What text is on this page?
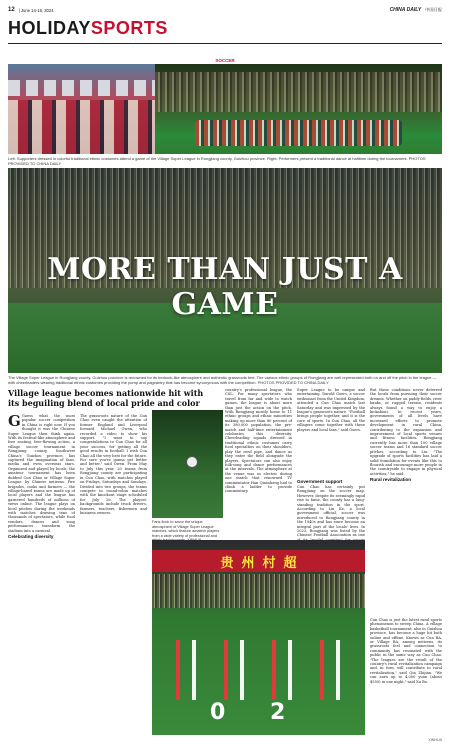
12 | June 14-16, 2024	CHINA DAILY 中国日报
HOLIDAY SPORTS
SOCCER
Left: Supporters dressed in colorful traditional ethnic costumes attend a game of the Village Super League in Rongjiang county, Guizhou province. Right: Performers present a traditional dance at halftime during the tournament. PHOTOS PROVIDED TO CHINA DAILY
MORE THAN JUST A GAME
The Village Super League in Rongjiang county, Guizhou province is renowned for its bedrock-like atmosphere and authentic grassroots feel. The various ethnic groups of Rongjiang are well represented both on and off the pitch in the league — with cheerleaders wearing traditional ethnic costumes providing the pomp and pageantry that has become synonymous with the competition. PHOTOS PROVIDED TO CHINA DAILY
Village league becomes nationwide hit with its beguiling blend of local pride and color
G Guess what the most popular soccer competition in China is right now. If you thought it was the Chinese Super League then think again. With its festival-like atmosphere and free seating, free-flowing action, a village soccer tournament in Rongjiang county, Southwest China's Guizhou province, has captured the imagination of fans, media and even overseas stars. Organized and played by locals, the amateur tournament has been dubbed Cun Chao or Village Super League, by Chinese netizens. Fire brigades, cooks and farmers — the village-based teams are made up of local players and the league has garnered hundreds of millions of views online. The league plays on local pitches during the weekends with matches drawing tens of thousands of spectators, while food vendors, dances and song performances transform the stadium into a carnival.
Celebrating diversity
The grassroots nature of the Cun Chao even caught the attention of former England and Liverpool forward Michael Owen, who recorded a video to show his support. "I want to say congratulations to Cun Chao for all your success, for getting all the good results in football. I wish Cun Chao all the very best for the future. For sure you're gonna get better and better," said Owen. From May to July this year, 20 teams from Rongjiang county are participating in Cun Chao, with matches played on Fridays, Saturdays and Sundays. Divided into two groups, the teams compete in round-robin matches with the knockout stage scheduled for July 26. The players' backgrounds include truck drivers, farmers, teachers, fishermen and business owners.
Fans flock to savor the unique atmosphere of Village Super League matches, which feature amateur players from a wide variety of professional and
country's professional league, the CSL. For many spectators who travel from far and wide to watch games, the league is about more than just the action on the pitch. With Rongjiang mostly home to 11 ethnic groups and ethnic minorities making up more than 80 percent of its 380,000 population, the pre-match and half-time entertainment celebrates this diversity. Cheerleading squads dressed in traditional ethnic costumes carry food specialties on their shoulders, play the reed pipe, and dance as they enter the field alongside the players. Spectators can also enjoy folk-song and dance performances at the intervals. The atmosphere at the venue was so electric during one match that renowned TV commentator Han Qiaosheng had to climb a ladder to provide commentary.
Super League to be unique and entertaining. Darold Goers, a soccer enthusiast from the United Kingdom, attended a Cun Chao match last Saturday and was impressed by the league's grassroots nature. "Football brings people together, and it is the core of sports. In Cun Chao, all the villagers come together with these players and local fans," said Goers.
Government support
Cun Chao has certainly put Rongjiang on the soccer map. However, despite its seemingly rapid rise to fame, the county has a long-standing tradition in the sport. According to Liu Ke, a local government official, soccer was introduced to Rongjiang county in the 1940s and has since become an integral part of the locals' lives. In 2023, Rongjiang was listed by the Chinese Football Association as one
But these conditions never deterred the locals from pursuing their soccer dreams. Whether on paddy fields, river banks, or rugged terrain, residents always found a way to enjoy a kickabout. In recent years, governments of all levels have increased efforts to promote development in rural China, contributing to the expansion and improvement of local sports venues and fitness facilities. Rongjiang currently has more than 100 village soccer teams and 16 standard soccer pitches, according to Liu. "The upgrade of sports facilities has laid a solid foundation for events like this to flourish and encourage more people in the countryside to engage in physical activities," he said.
Rural revitalization
Cun Chao is just the latest rural sports phenomenon to sweep China. A village basketball tournament, also in Guizhou province, has become a huge hit both online and offline. Known as Cun BA, or Village BA, among netizens, its grassroots feel and connection to community has resonated with the public in the same way as Cun Chao. "The leagues are the result of the country's rural revitalization campaign and, in turn, will contribute to rural revitalization," said Qin Zhijian. "We can earn up to 4,000 yuan (about $550) in one night," said Xu Bo.
贵 州 村 超
0 2
XINHUA
